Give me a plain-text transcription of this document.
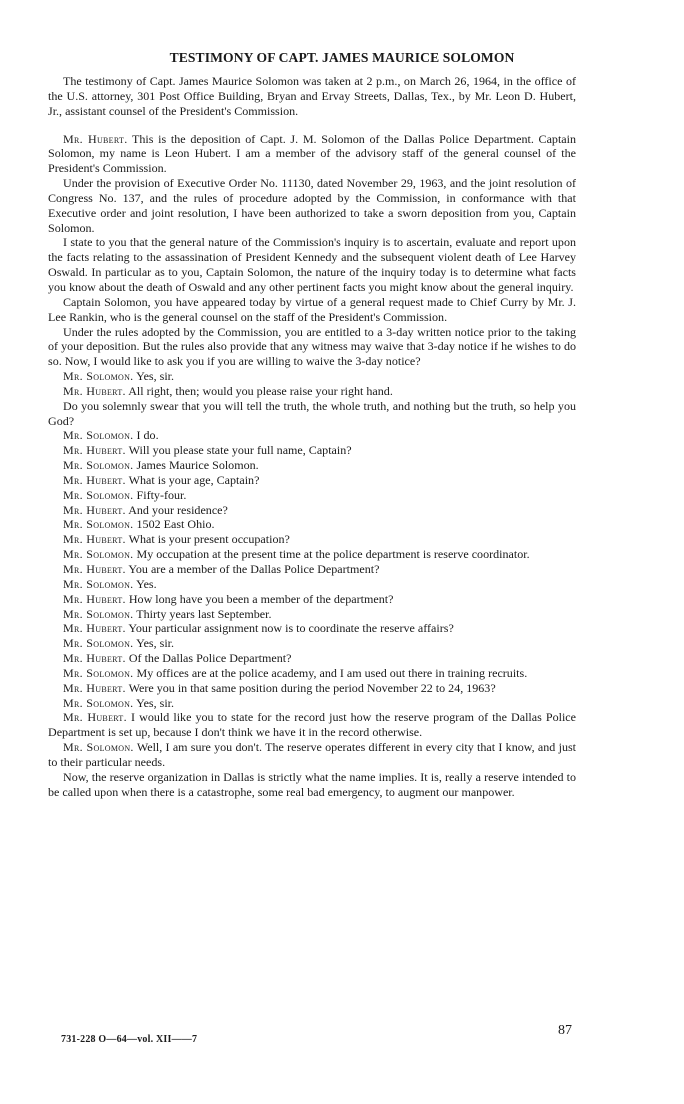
TESTIMONY OF CAPT. JAMES MAURICE SOLOMON

The testimony of Capt. James Maurice Solomon was taken at 2 p.m., on March 26, 1964, in the office of the U.S. attorney, 301 Post Office Building, Bryan and Ervay Streets, Dallas, Tex., by Mr. Leon D. Hubert, Jr., assistant counsel of the President's Commission.

Mr. Hubert. This is the deposition of Capt. J. M. Solomon of the Dallas Police Department. Captain Solomon, my name is Leon Hubert. I am a member of the advisory staff of the general counsel of the President's Commission.

Under the provision of Executive Order No. 11130, dated November 29, 1963, and the joint resolution of Congress No. 137, and the rules of procedure adopted by the Commission, in conformance with that Executive order and joint resolution, I have been authorized to take a sworn deposition from you, Captain Solomon.

I state to you that the general nature of the Commission's inquiry is to ascertain, evaluate and report upon the facts relating to the assassination of President Kennedy and the subsequent violent death of Lee Harvey Oswald. In particular as to you, Captain Solomon, the nature of the inquiry today is to determine what facts you know about the death of Oswald and any other pertinent facts you might know about the general inquiry.

Captain Solomon, you have appeared today by virtue of a general request made to Chief Curry by Mr. J. Lee Rankin, who is the general counsel on the staff of the President's Commission.

Under the rules adopted by the Commission, you are entitled to a 3-day written notice prior to the taking of your deposition. But the rules also provide that any witness may waive that 3-day notice if he wishes to do so. Now, I would like to ask you if you are willing to waive the 3-day notice?

Mr. Solomon. Yes, sir.

Mr. Hubert. All right, then; would you please raise your right hand.

Do you solemnly swear that you will tell the truth, the whole truth, and nothing but the truth, so help you God?

Mr. Solomon. I do.

Mr. Hubert. Will you please state your full name, Captain?

Mr. Solomon. James Maurice Solomon.

Mr. Hubert. What is your age, Captain?

Mr. Solomon. Fifty-four.

Mr. Hubert. And your residence?

Mr. Solomon. 1502 East Ohio.

Mr. Hubert. What is your present occupation?

Mr. Solomon. My occupation at the present time at the police department is reserve coordinator.

Mr. Hubert. You are a member of the Dallas Police Department?

Mr. Solomon. Yes.

Mr. Hubert. How long have you been a member of the department?

Mr. Solomon. Thirty years last September.

Mr. Hubert. Your particular assignment now is to coordinate the reserve affairs?

Mr. Solomon. Yes, sir.

Mr. Hubert. Of the Dallas Police Department?

Mr. Solomon. My offices are at the police academy, and I am used out there in training recruits.

Mr. Hubert. Were you in that same position during the period November 22 to 24, 1963?

Mr. Solomon. Yes, sir.

Mr. Hubert. I would like you to state for the record just how the reserve program of the Dallas Police Department is set up, because I don't think we have it in the record otherwise.

Mr. Solomon. Well, I am sure you don't. The reserve operates different in every city that I know, and just to their particular needs.

Now, the reserve organization in Dallas is strictly what the name implies. It is, really a reserve intended to be called upon when there is a catastrophe, some real bad emergency, to augment our manpower.

731-228 O—64—vol. XII——7
87
